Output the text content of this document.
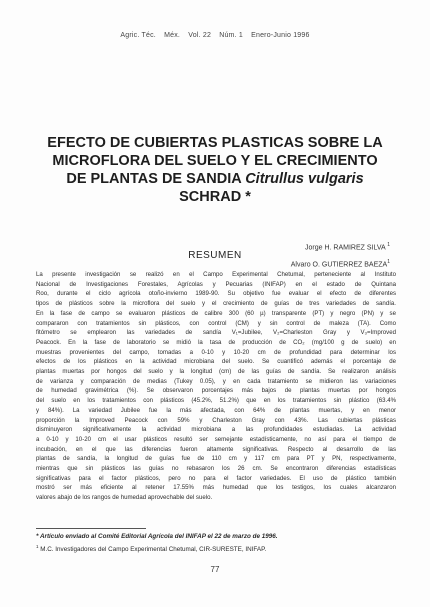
Agric. Téc. Méx. Vol. 22 Núm. 1 Enero-Junio 1996
EFECTO DE CUBIERTAS PLASTICAS SOBRE LA
MICROFLORA DEL SUELO Y EL CRECIMIENTO
DE PLANTAS DE SANDIA Citrullus vulgaris
SCHRAD *
Jorge H. RAMIREZ SILVA $^1$
Alvaro O. GUTIERREZ BAEZA$^1$
RESUMEN
La presente investigación se realizó en el Campo Experimental Chetumal, perteneciente al Instituto
Nacional de Investigaciones Forestales, Agrícolas y Pecuarias (INIFAP) en el estado de Quintana
Roo, durante el ciclo agrícola otoño-invierno 1989-90. Su objetivo fue evaluar el efecto de diferentes
tipos de plásticos sobre la microflora del suelo y el crecimiento de guías de tres variedades de sandía.
En la fase de campo se evaluaron plásticos de calibre 300 (60 µ) transparente (PT) y negro (PN) y se
compararon con tratamientos sin plásticos, con control (CM) y sin control de maleza (TA). Como
fitómetro se emplearon las variedades de sandía V₁=Jubilee, V₂=Charleston Gray y V₃=Improved
Peacock. En la fase de laboratorio se midió la tasa de producción de CO₂ (mg/100 g de suelo) en
muestras provenientes del campo, tomadas a 0-10 y 10-20 cm de profundidad para determinar los
efectos de los plásticos en la actividad microbiana del suelo. Se cuantificó además el porcentaje de
plantas muertas por hongos del suelo y la longitud (cm) de las guías de sandía. Se realizaron análisis
de varianza y comparación de medias (Tukey 0.05), y en cada tratamiento se midieron las variaciones
de humedad gravimétrica (%). Se observaron porcentajes más bajos de plantas muertas por hongos
del suelo en los tratamientos con plásticos (45.2%, 51.2%) que en los tratamientos sin plástico (63.4%
y 84%). La variedad Jubilee fue la más afectada, con 64% de plantas muertas, y en menor
proporción la Improved Peacock con 59% y Charleston Gray con 43%. Las cubiertas plásticas
disminuyeron significativamente la actividad microbiana a las profundidades estudiadas. La actividad
a 0-10 y 10-20 cm el usar plásticos resultó ser semejante estadísticamente, no así para el tiempo de
incubación, en el que las diferencias fueron altamente significativas. Respecto al desarrollo de las
plantas de sandía, la longitud de guías fue de 110 cm y 117 cm para PT y PN, respectivamente,
mientras que sin plásticos las guías no rebasaron los 26 cm. Se encontraron diferencias estadísticas
significativas para el factor plásticos, pero no para el factor variedades. El uso de plástico también
mostró ser más eficiente al retener 17.55% más humedad que los testigos, los cuales alcanzaron
valores abajo de los rangos de humedad aprovechable del suelo.
* Artículo enviado al Comité Editorial Agrícola del INIFAP el 22 de marzo de 1996.
$^1$ M.C. Investigadores del Campo Experimental Chetumal, CIR-SURESTE, INIFAP.
77
